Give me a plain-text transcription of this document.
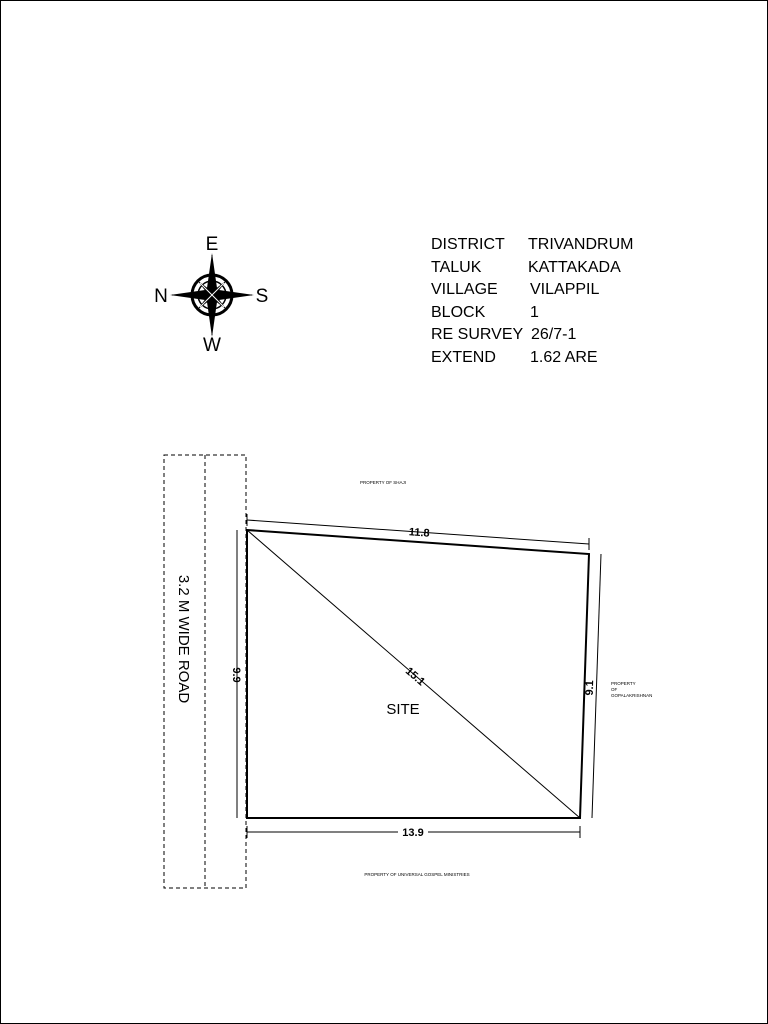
DISTRICT TRIVANDRUM
TALUK	KATTAKADA
VILLAGE VILAPPIL
BLOCK	1
RE SURVEY 26/7-1
EXTEND 1.62 ARE
E
W
N	S
3.2 M WIDE ROAD
SITE
11.8
9.9
9.1
13.9
15.1
PROPERTY OF SHAJI
PROPERTY
OF
GOPALAKRISHNAN
PROPERTY OF UNIVERSAL GOSPEL MINISTRIES
